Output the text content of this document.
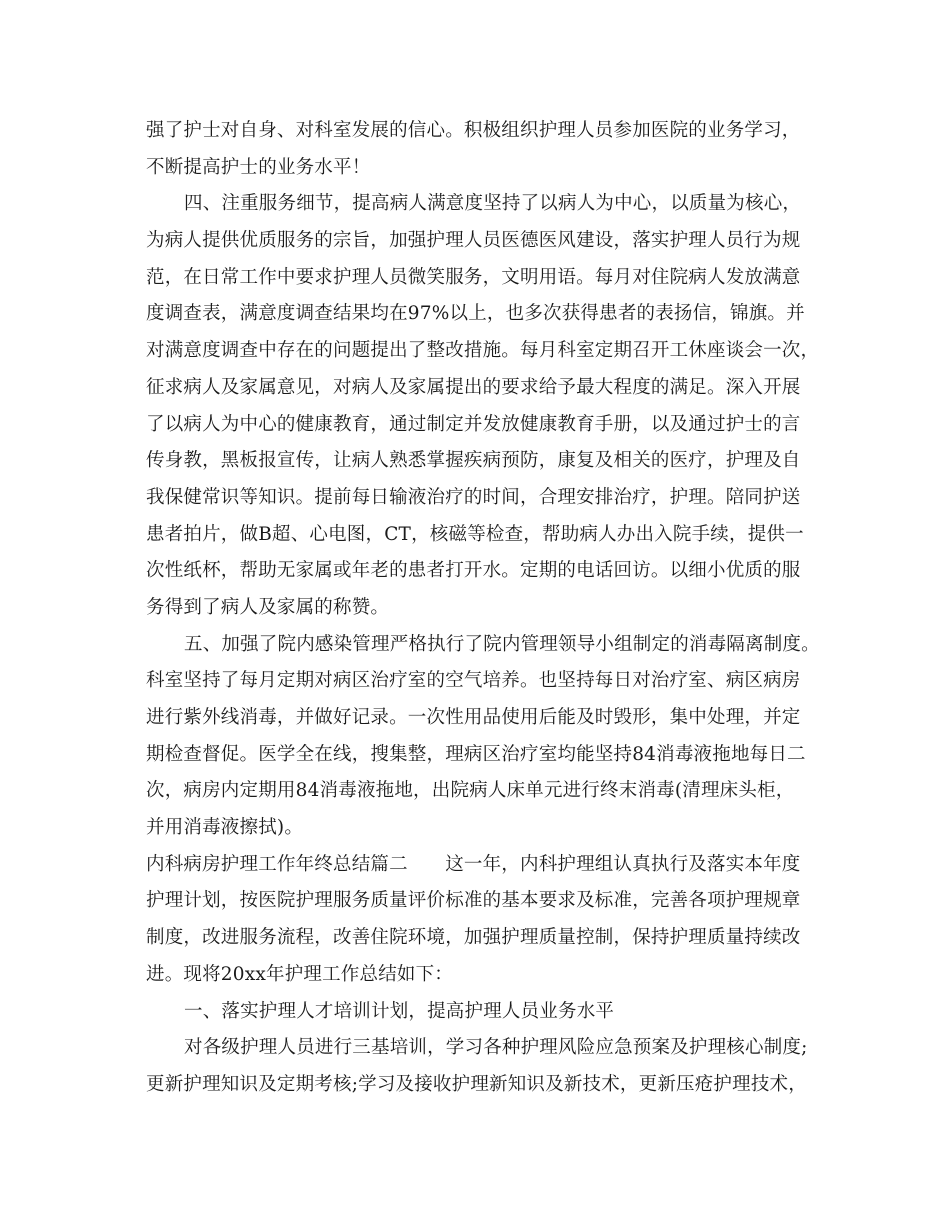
强了护士对自身、对科室发展的信心。积极组织护理人员参加医院的业务学习，
不断提高护士的业务水平！
四、注重服务细节，提高病人满意度坚持了以病人为中心，以质量为核心，
为病人提供优质服务的宗旨，加强护理人员医德医风建设，落实护理人员行为规
范，在日常工作中要求护理人员微笑服务，文明用语。每月对住院病人发放满意
度调查表，满意度调查结果均在97%以上，也多次获得患者的表扬信，锦旗。并
对满意度调查中存在的问题提出了整改措施。每月科室定期召开工休座谈会一次，
征求病人及家属意见，对病人及家属提出的要求给予最大程度的满足。深入开展
了以病人为中心的健康教育，通过制定并发放健康教育手册，以及通过护士的言
传身教，黑板报宣传，让病人熟悉掌握疾病预防，康复及相关的医疗，护理及自
我保健常识等知识。提前每日输液治疗的时间，合理安排治疗，护理。陪同护送
患者拍片，做B超、心电图，CT，核磁等检查，帮助病人办出入院手续，提供一
次性纸杯，帮助无家属或年老的患者打开水。定期的电话回访。以细小优质的服
务得到了病人及家属的称赞。
五、加强了院内感染管理严格执行了院内管理领导小组制定的消毒隔离制度。
科室坚持了每月定期对病区治疗室的空气培养。也坚持每日对治疗室、病区病房
进行紫外线消毒，并做好记录。一次性用品使用后能及时毁形，集中处理，并定
期检查督促。医学全在线，搜集整，理病区治疗室均能坚持84消毒液拖地每日二
次，病房内定期用84消毒液拖地，出院病人床单元进行终末消毒(清理床头柜，
并用消毒液擦拭)。
内科病房护理工作年终总结篇二　　这一年，内科护理组认真执行及落实本年度
护理计划，按医院护理服务质量评价标准的基本要求及标准，完善各项护理规章
制度，改进服务流程，改善住院环境，加强护理质量控制，保持护理质量持续改
进。现将20xx年护理工作总结如下：
一、落实护理人才培训计划，提高护理人员业务水平
对各级护理人员进行三基培训，学习各种护理风险应急预案及护理核心制度;
更新护理知识及定期考核;学习及接收护理新知识及新技术，更新压疮护理技术，
